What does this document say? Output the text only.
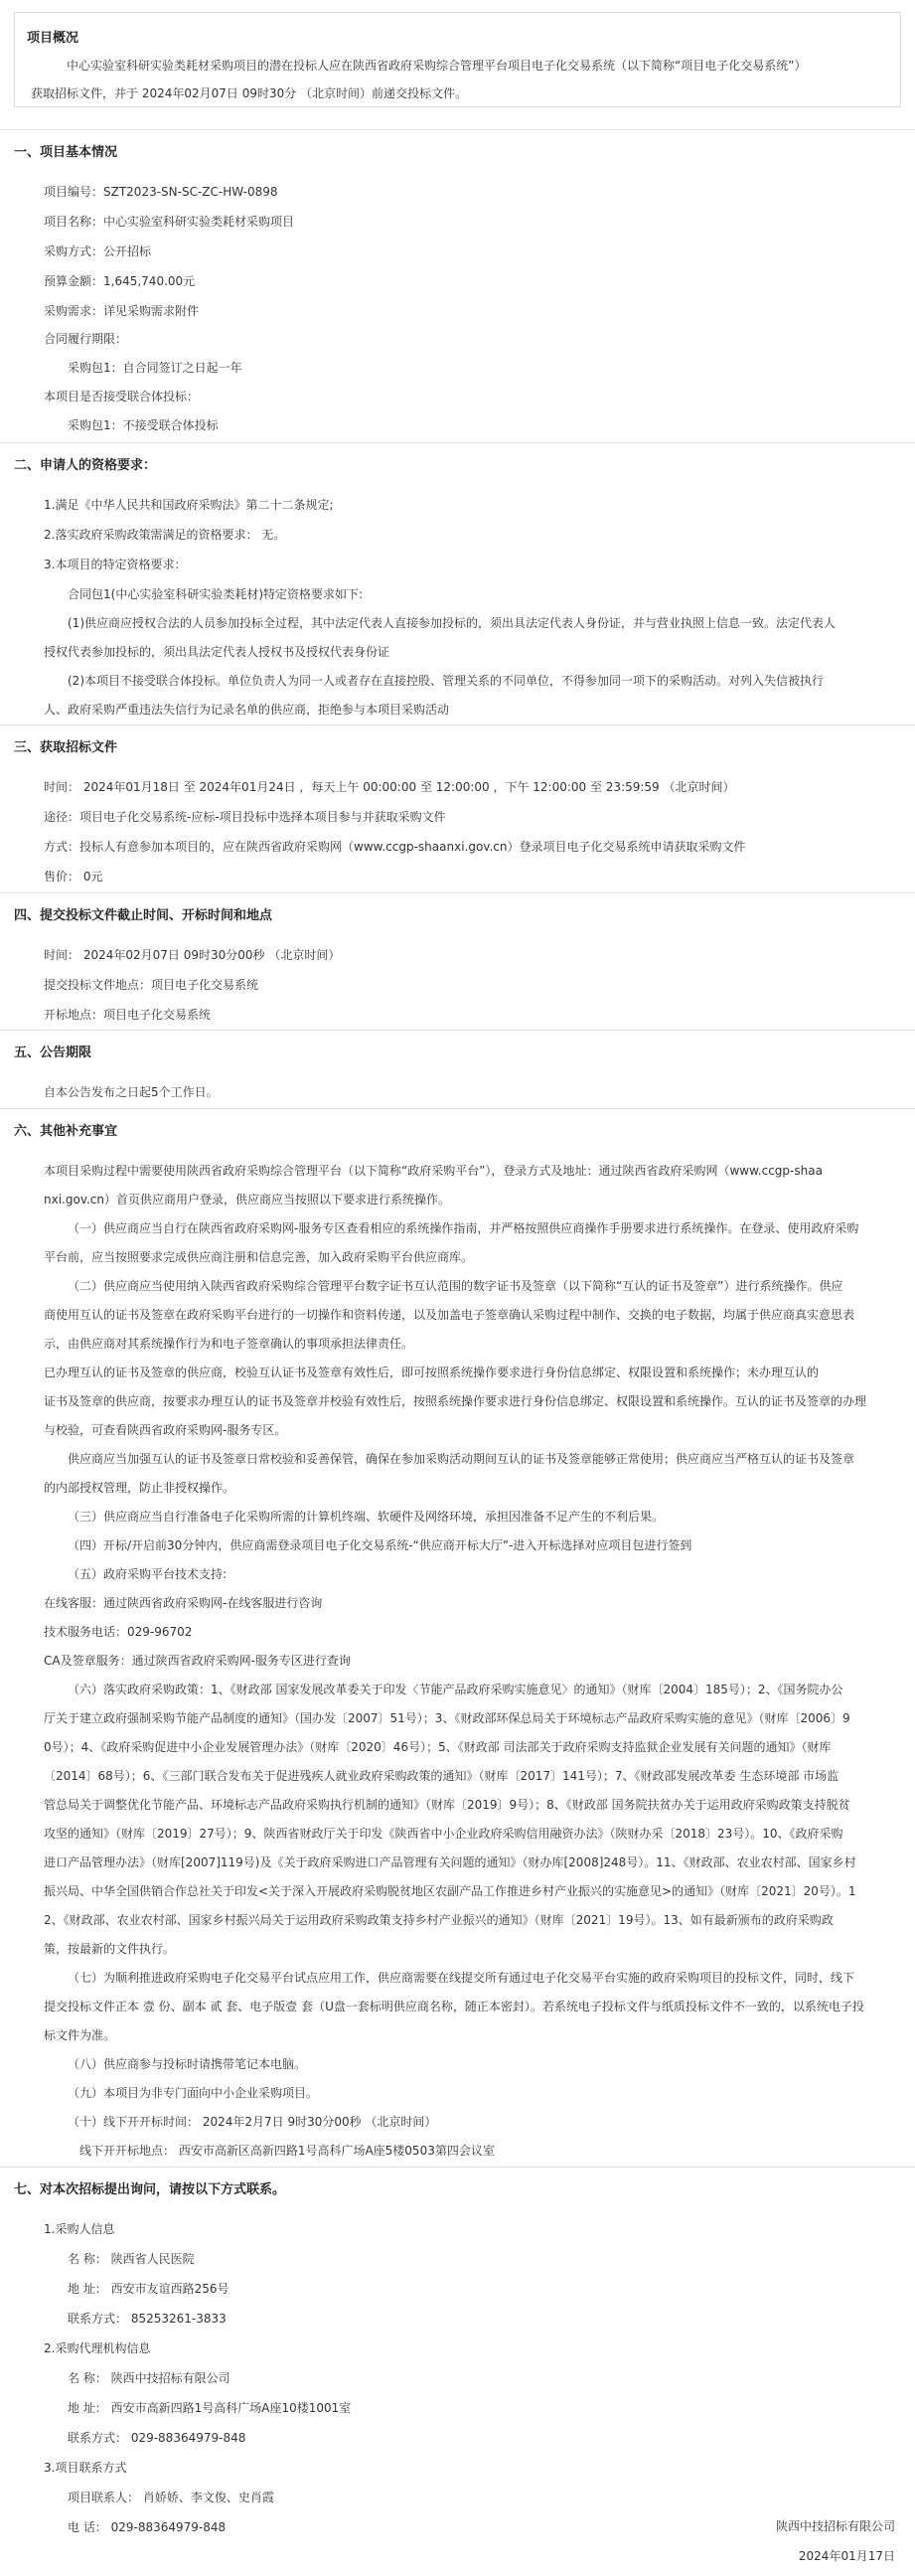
项目概况
中心实验室科研实验类耗材采购项目的潜在投标人应在陕西省政府采购综合管理平台项目电子化交易系统（以下简称“项目电子化交易系统”）
获取招标文件，并于 2024年02月07日 09时30分 （北京时间）前递交投标文件。
一、项目基本情况
项目编号：SZT2023-SN-SC-ZC-HW-0898
项目名称：中心实验室科研实验类耗材采购项目
采购方式：公开招标
预算金额：1,645,740.00元
采购需求：详见采购需求附件
合同履行期限：
采购包1：自合同签订之日起一年
本项目是否接受联合体投标：
采购包1：不接受联合体投标
二、申请人的资格要求：
1.满足《中华人民共和国政府采购法》第二十二条规定;
2.落实政府采购政策需满足的资格要求： 无。
3.本项目的特定资格要求：
合同包1(中心实验室科研实验类耗材)特定资格要求如下:
(1)供应商应授权合法的人员参加投标全过程，其中法定代表人直接参加投标的，须出具法定代表人身份证，并与营业执照上信息一致。法定代表人
授权代表参加投标的，须出具法定代表人授权书及授权代表身份证
(2)本项目不接受联合体投标。单位负责人为同一人或者存在直接控股、管理关系的不同单位，不得参加同一项下的采购活动。对列入失信被执行
人、政府采购严重违法失信行为记录名单的供应商，拒绝参与本项目采购活动
三、获取招标文件
时间： 2024年01月18日 至 2024年01月24日 ，每天上午 00:00:00 至 12:00:00 ，下午 12:00:00 至 23:59:59 （北京时间）
途径：项目电子化交易系统-应标-项目投标中选择本项目参与并获取采购文件
方式：投标人有意参加本项目的，应在陕西省政府采购网（www.ccgp-shaanxi.gov.cn）登录项目电子化交易系统申请获取采购文件
售价： 0元
四、提交投标文件截止时间、开标时间和地点
时间： 2024年02月07日 09时30分00秒 （北京时间）
提交投标文件地点：项目电子化交易系统
开标地点：项目电子化交易系统
五、公告期限
自本公告发布之日起5个工作日。
六、其他补充事宜
本项目采购过程中需要使用陕西省政府采购综合管理平台（以下简称“政府采购平台”），登录方式及地址：通过陕西省政府采购网（www.ccgp-shaa
nxi.gov.cn）首页供应商用户登录，供应商应当按照以下要求进行系统操作。
（一）供应商应当自行在陕西省政府采购网-服务专区查看相应的系统操作指南，并严格按照供应商操作手册要求进行系统操作。在登录、使用政府采购
平台前，应当按照要求完成供应商注册和信息完善，加入政府采购平台供应商库。
（二）供应商应当使用纳入陕西省政府采购综合管理平台数字证书互认范围的数字证书及签章（以下简称“互认的证书及签章”）进行系统操作。供应
商使用互认的证书及签章在政府采购平台进行的一切操作和资料传递，以及加盖电子签章确认采购过程中制作、交换的电子数据，均属于供应商真实意思表
示，由供应商对其系统操作行为和电子签章确认的事项承担法律责任。
已办理互认的证书及签章的供应商，校验互认证书及签章有效性后，即可按照系统操作要求进行身份信息绑定、权限设置和系统操作；未办理互认的
证书及签章的供应商，按要求办理互认的证书及签章并校验有效性后，按照系统操作要求进行身份信息绑定、权限设置和系统操作。互认的证书及签章的办理
与校验，可查看陕西省政府采购网-服务专区。
供应商应当加强互认的证书及签章日常校验和妥善保管，确保在参加采购活动期间互认的证书及签章能够正常使用；供应商应当严格互认的证书及签章
的内部授权管理，防止非授权操作。
（三）供应商应当自行准备电子化采购所需的计算机终端、软硬件及网络环境，承担因准备不足产生的不利后果。
（四）开标/开启前30分钟内，供应商需登录项目电子化交易系统-“供应商开标大厅”-进入开标选择对应项目包进行签到
（五）政府采购平台技术支持:
在线客服：通过陕西省政府采购网-在线客服进行咨询
技术服务电话：029-96702
CA及签章服务：通过陕西省政府采购网-服务专区进行查询
（六）落实政府采购政策：1、《财政部 国家发展改革委关于印发〈节能产品政府采购实施意见〉的通知》（财库〔2004〕185号）；2、《国务院办公
厅关于建立政府强制采购节能产品制度的通知》（国办发〔2007〕51号）；3、《财政部环保总局关于环境标志产品政府采购实施的意见》（财库〔2006〕9
0号）；4、《政府采购促进中小企业发展管理办法》（财库〔2020〕46号）；5、《财政部 司法部关于政府采购支持监狱企业发展有关问题的通知》（财库
〔2014〕68号）；6、《三部门联合发布关于促进残疾人就业政府采购政策的通知》（财库〔2017〕141号）；7、《财政部发展改革委 生态环境部 市场监
管总局关于调整优化节能产品、环境标志产品政府采购执行机制的通知》（财库〔2019〕9号）；8、《财政部 国务院扶贫办关于运用政府采购政策支持脱贫
攻坚的通知》（财库〔2019〕27号）；9、陕西省财政厅关于印发《陕西省中小企业政府采购信用融资办法》（陕财办采〔2018〕23号）。10、《政府采购
进口产品管理办法》（财库[2007]119号)及《关于政府采购进口产品管理有关问题的通知》（财办库[2008]248号）。11、《财政部、农业农村部、国家乡村
振兴局、中华全国供销合作总社关于印发<关于深入开展政府采购脱贫地区农副产品工作推进乡村产业振兴的实施意见>的通知》（财库〔2021〕20号）。1
2、《财政部、农业农村部、国家乡村振兴局关于运用政府采购政策支持乡村产业振兴的通知》（财库〔2021〕19号）。13、如有最新颁布的政府采购政
策，按最新的文件执行。
（七）为顺利推进政府采购电子化交易平台试点应用工作，供应商需要在线提交所有通过电子化交易平台实施的政府采购项目的投标文件，同时，线下
提交投标文件正本 壹 份、副本 贰 套、电子版壹 套（U盘一套标明供应商名称，随正本密封）。若系统电子投标文件与纸质投标文件不一致的，以系统电子投
标文件为准。
（八）供应商参与投标时请携带笔记本电脑。
（九）本项目为非专门面向中小企业采购项目。
（十）线下开开标时间： 2024年2月7日 9时30分00秒 （北京时间）
线下开开标地点： 西安市高新区高新四路1号高科广场A座5楼0503第四会议室
七、对本次招标提出询问，请按以下方式联系。
1.采购人信息
名 称： 陕西省人民医院
地 址： 西安市友谊西路256号
联系方式： 85253261-3833
2.采购代理机构信息
名 称： 陕西中技招标有限公司
地 址： 西安市高新四路1号高科广场A座10楼1001室
联系方式： 029-88364979-848
3.项目联系方式
项目联系人： 肖娇娇、李文俊、史肖霞
电 话： 029-88364979-848	陕西中技招标有限公司
2024年01月17日
